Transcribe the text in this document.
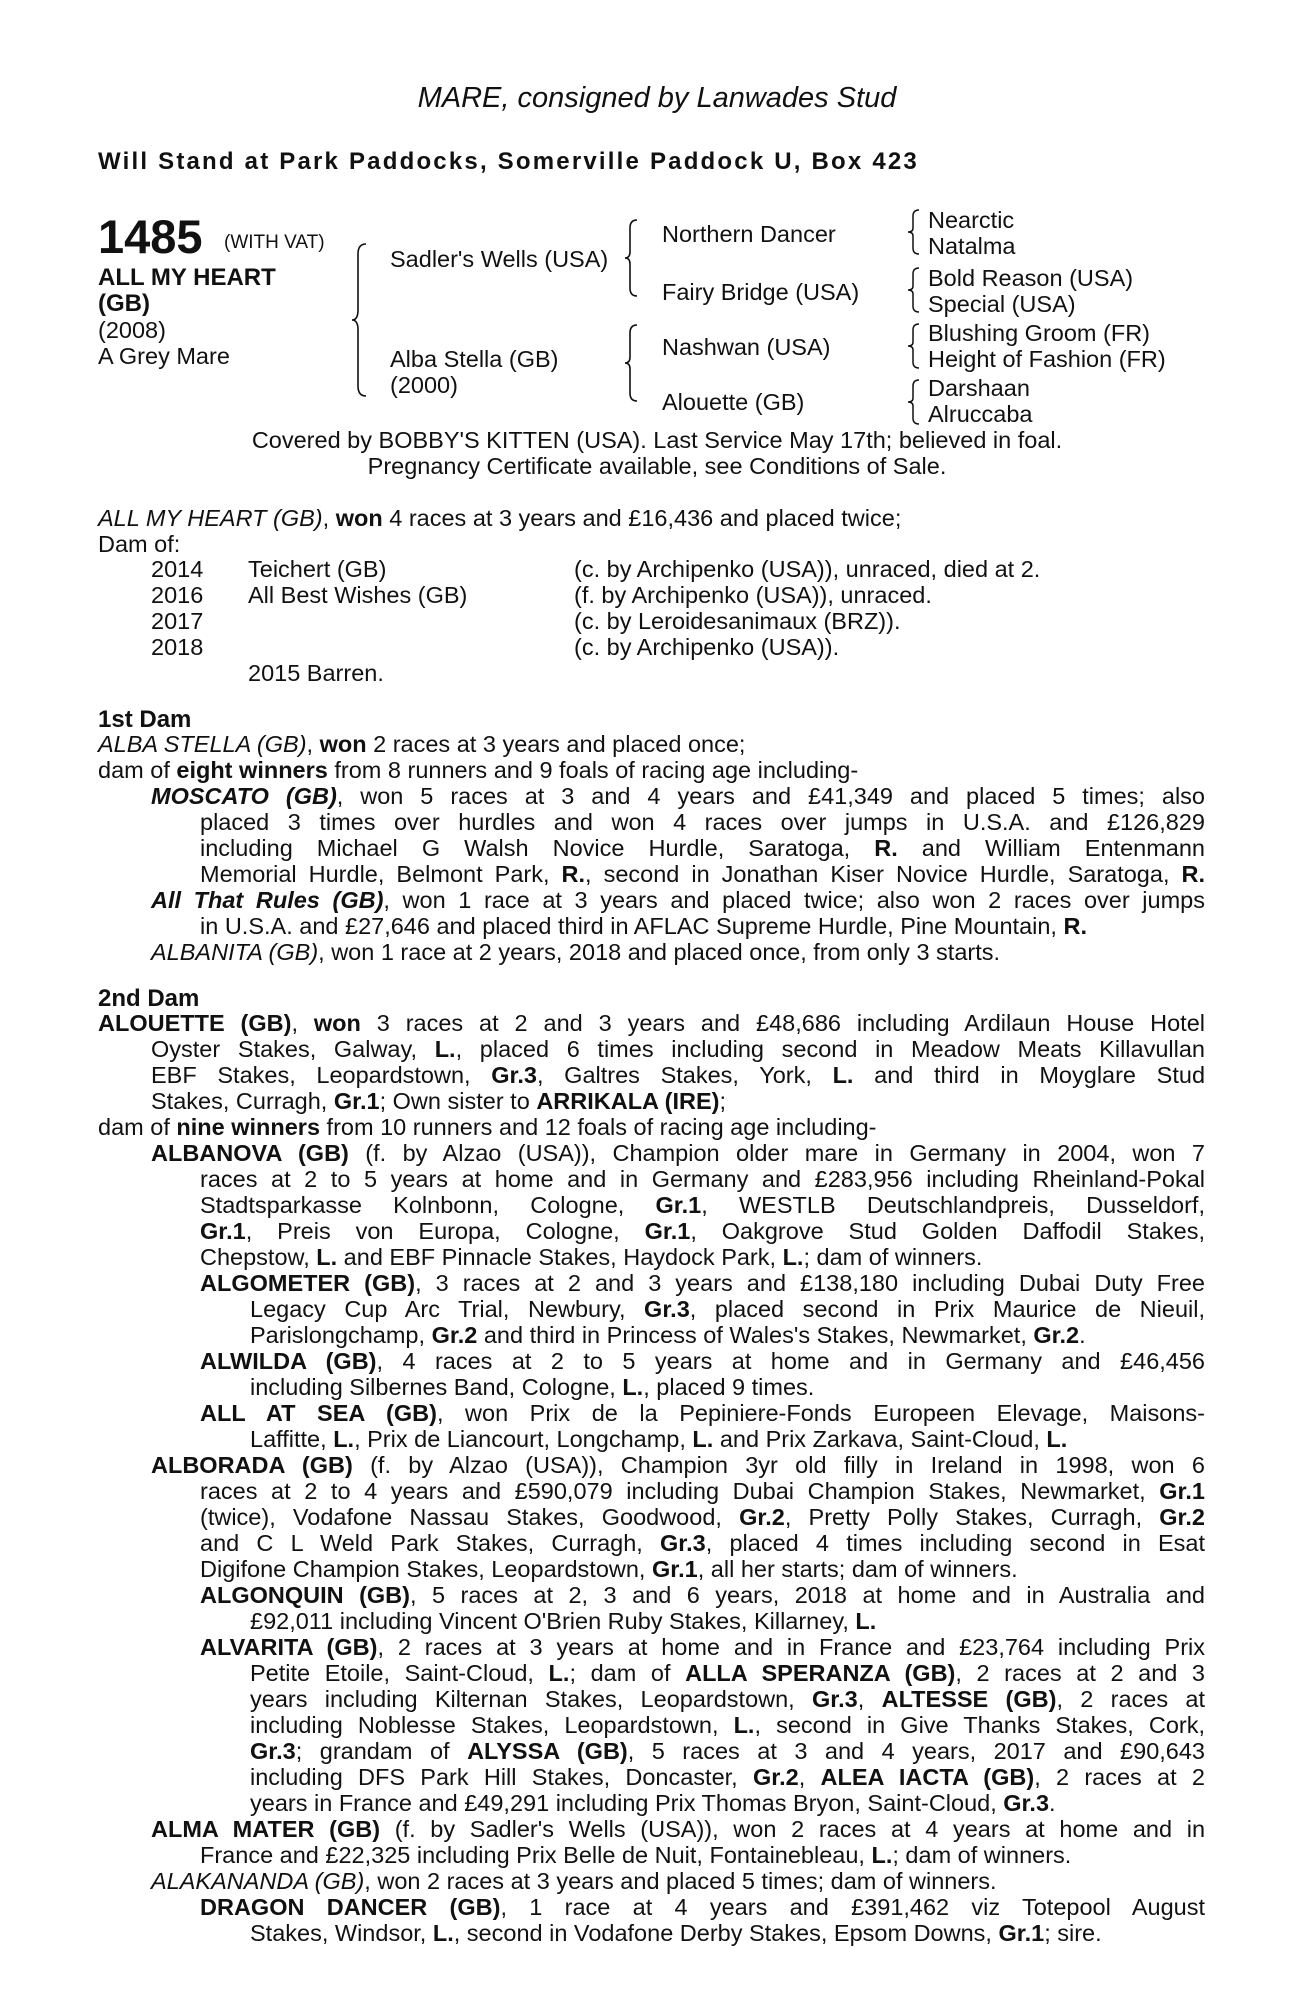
MARE, consigned by Lanwades Stud
Will Stand at Park Paddocks, Somerville Paddock U, Box 423
1485 (WITH VAT)
ALL MY HEART
(GB)
(2008)
A Grey Mare
Sadler's Wells (USA)
Alba Stella (GB)
(2000)
Northern Dancer
Fairy Bridge (USA)
Nashwan (USA)
Alouette (GB)
Nearctic
Natalma
Bold Reason (USA)
Special (USA)
Blushing Groom (FR)
Height of Fashion (FR)
Darshaan
Alruccaba
Covered by BOBBY'S KITTEN (USA). Last Service May 17th; believed in foal.
Pregnancy Certificate available, see Conditions of Sale.
ALL MY HEART (GB), won 4 races at 3 years and £16,436 and placed twice;
Dam of:
2014 Teichert (GB)	(c. by Archipenko (USA)), unraced, died at 2.
2016 All Best Wishes (GB)	(f. by Archipenko (USA)), unraced.
2017	(c. by Leroidesanimaux (BRZ)).
2018	(c. by Archipenko (USA)).
2015 Barren.
1st Dam
ALBA STELLA (GB), won 2 races at 3 years and placed once;
dam of eight winners from 8 runners and 9 foals of racing age including-
MOSCATO (GB), won 5 races at 3 and 4 years and £41,349 and placed 5 times; also
placed 3 times over hurdles and won 4 races over jumps in U.S.A. and £126,829
including Michael G Walsh Novice Hurdle, Saratoga, R. and William Entenmann
Memorial Hurdle, Belmont Park, R., second in Jonathan Kiser Novice Hurdle, Saratoga, R.
All That Rules (GB), won 1 race at 3 years and placed twice; also won 2 races over jumps
in U.S.A. and £27,646 and placed third in AFLAC Supreme Hurdle, Pine Mountain, R.
ALBANITA (GB), won 1 race at 2 years, 2018 and placed once, from only 3 starts.
2nd Dam
ALOUETTE (GB), won 3 races at 2 and 3 years and £48,686 including Ardilaun House Hotel
Oyster Stakes, Galway, L., placed 6 times including second in Meadow Meats Killavullan
EBF Stakes, Leopardstown, Gr.3, Galtres Stakes, York, L. and third in Moyglare Stud
Stakes, Curragh, Gr.1; Own sister to ARRIKALA (IRE);
dam of nine winners from 10 runners and 12 foals of racing age including-
ALBANOVA (GB) (f. by Alzao (USA)), Champion older mare in Germany in 2004, won 7
races at 2 to 5 years at home and in Germany and £283,956 including Rheinland-Pokal
Stadtsparkasse Kolnbonn, Cologne, Gr.1, WESTLB Deutschlandpreis, Dusseldorf,
Gr.1, Preis von Europa, Cologne, Gr.1, Oakgrove Stud Golden Daffodil Stakes,
Chepstow, L. and EBF Pinnacle Stakes, Haydock Park, L.; dam of winners.
ALGOMETER (GB), 3 races at 2 and 3 years and £138,180 including Dubai Duty Free
Legacy Cup Arc Trial, Newbury, Gr.3, placed second in Prix Maurice de Nieuil,
Parislongchamp, Gr.2 and third in Princess of Wales's Stakes, Newmarket, Gr.2.
ALWILDA (GB), 4 races at 2 to 5 years at home and in Germany and £46,456
including Silbernes Band, Cologne, L., placed 9 times.
ALL AT SEA (GB), won Prix de la Pepiniere-Fonds Europeen Elevage, Maisons-
Laffitte, L., Prix de Liancourt, Longchamp, L. and Prix Zarkava, Saint-Cloud, L.
ALBORADA (GB) (f. by Alzao (USA)), Champion 3yr old filly in Ireland in 1998, won 6
races at 2 to 4 years and £590,079 including Dubai Champion Stakes, Newmarket, Gr.1
(twice), Vodafone Nassau Stakes, Goodwood, Gr.2, Pretty Polly Stakes, Curragh, Gr.2
and C L Weld Park Stakes, Curragh, Gr.3, placed 4 times including second in Esat
Digifone Champion Stakes, Leopardstown, Gr.1, all her starts; dam of winners.
ALGONQUIN (GB), 5 races at 2, 3 and 6 years, 2018 at home and in Australia and
£92,011 including Vincent O'Brien Ruby Stakes, Killarney, L.
ALVARITA (GB), 2 races at 3 years at home and in France and £23,764 including Prix
Petite Etoile, Saint-Cloud, L.; dam of ALLA SPERANZA (GB), 2 races at 2 and 3
years including Kilternan Stakes, Leopardstown, Gr.3, ALTESSE (GB), 2 races at
including Noblesse Stakes, Leopardstown, L., second in Give Thanks Stakes, Cork,
Gr.3; grandam of ALYSSA (GB), 5 races at 3 and 4 years, 2017 and £90,643
including DFS Park Hill Stakes, Doncaster, Gr.2, ALEA IACTA (GB), 2 races at 2
years in France and £49,291 including Prix Thomas Bryon, Saint-Cloud, Gr.3.
ALMA MATER (GB) (f. by Sadler's Wells (USA)), won 2 races at 4 years at home and in
France and £22,325 including Prix Belle de Nuit, Fontainebleau, L.; dam of winners.
ALAKANANDA (GB), won 2 races at 3 years and placed 5 times; dam of winners.
DRAGON DANCER (GB), 1 race at 4 years and £391,462 viz Totepool August
Stakes, Windsor, L., second in Vodafone Derby Stakes, Epsom Downs, Gr.1; sire.
